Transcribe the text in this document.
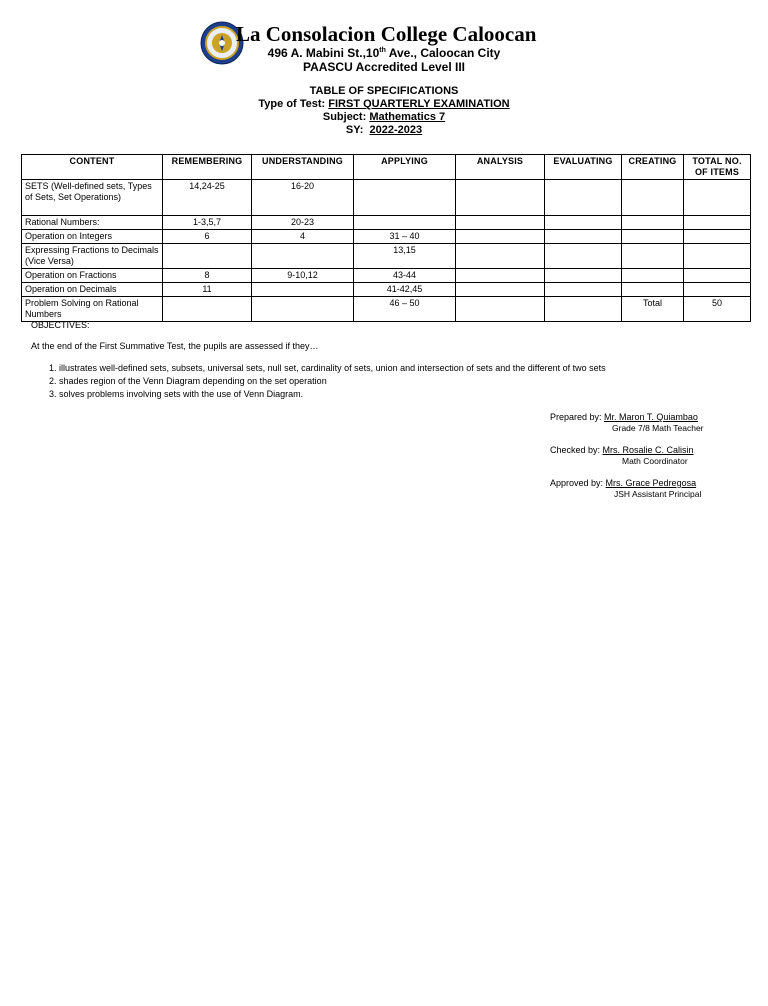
La Consolacion College Caloocan
496 A. Mabini St.,10th Ave., Caloocan City
PAASCU Accredited Level III
TABLE OF SPECIFICATIONS
Type of Test: FIRST QUARTERLY EXAMINATION
Subject: Mathematics 7
SY:  2022-2023
CONTENT	REMEMBERING	UNDERSTANDING	APPLYING	ANALYSIS	EVALUATING	CREATING	TOTAL NO. OF ITEMS
SETS (Well-defined sets, Types of Sets, Set Operations)	14,24-25	16-20					
Rational Numbers:	1-3,5,7	20-23					
Operation on Integers	6	4	31 – 40				
Expressing Fractions to Decimals (Vice Versa)			13,15				
Operation on Fractions	8	9-10,12	43-44				
Operation on Decimals	11		41-42,45				
Problem Solving on Rational Numbers			46 – 50			Total	50
OBJECTIVES:
At the end of the First Summative Test, the pupils are assessed if they…
1. illustrates well-defined sets, subsets, universal sets, null set, cardinality of sets, union and intersection of sets and the different of two sets
2. shades region of the Venn Diagram depending on the set operation
3. solves problems involving sets with the use of Venn Diagram.
Prepared by: Mr. Maron T. Quiambao
Grade 7/8 Math Teacher
Checked by: Mrs. Rosalie C. Calisin
Math Coordinator
Approved by: Mrs. Grace Pedregosa
JSH Assistant Principal
